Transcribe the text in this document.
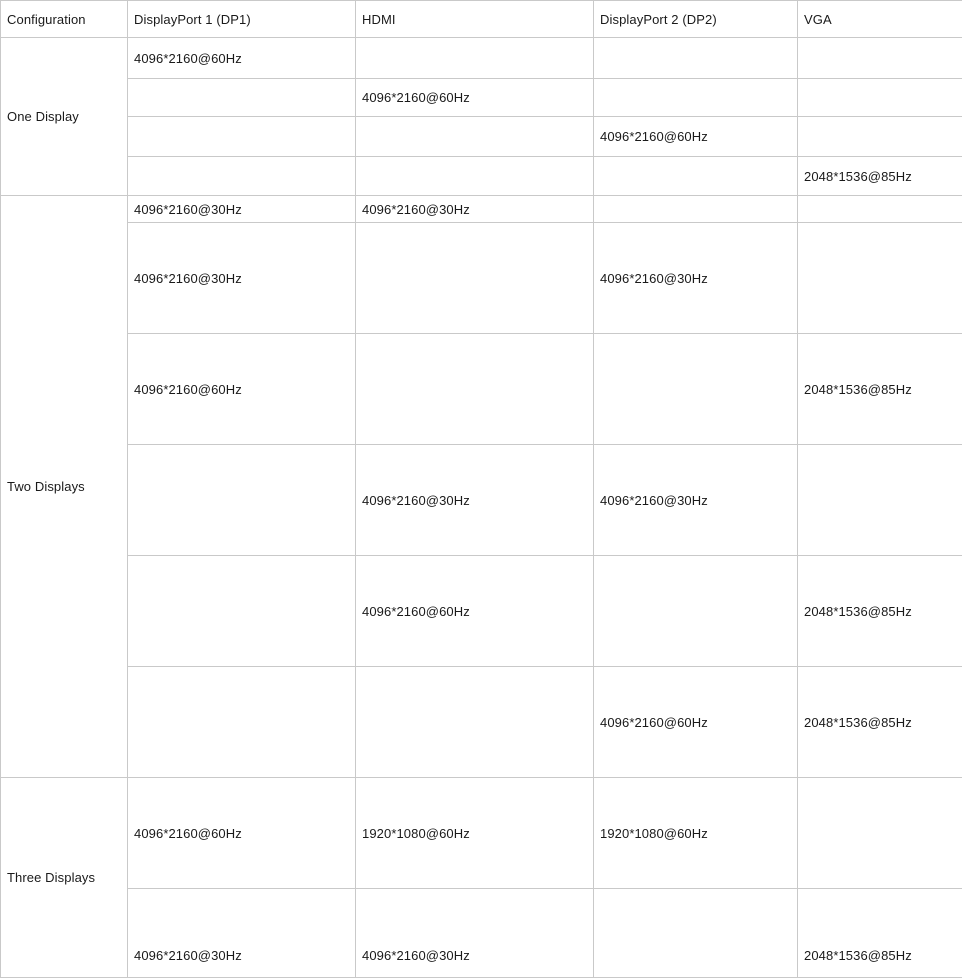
Configuration	DisplayPort 1 (DP1)	HDMI	DisplayPort 2 (DP2)	VGA
One Display	4096*2160@60Hz			
		4096*2160@60Hz		
			4096*2160@60Hz	
				2048*1536@85Hz
Two Displays	4096*2160@30Hz	4096*2160@30Hz		
	4096*2160@30Hz		4096*2160@30Hz	
	4096*2160@60Hz			2048*1536@85Hz
		4096*2160@30Hz	4096*2160@30Hz	
		4096*2160@60Hz		2048*1536@85Hz
			4096*2160@60Hz	2048*1536@85Hz
Three Displays	4096*2160@60Hz	1920*1080@60Hz	1920*1080@60Hz	
	4096*2160@30Hz	4096*2160@30Hz		2048*1536@85Hz
